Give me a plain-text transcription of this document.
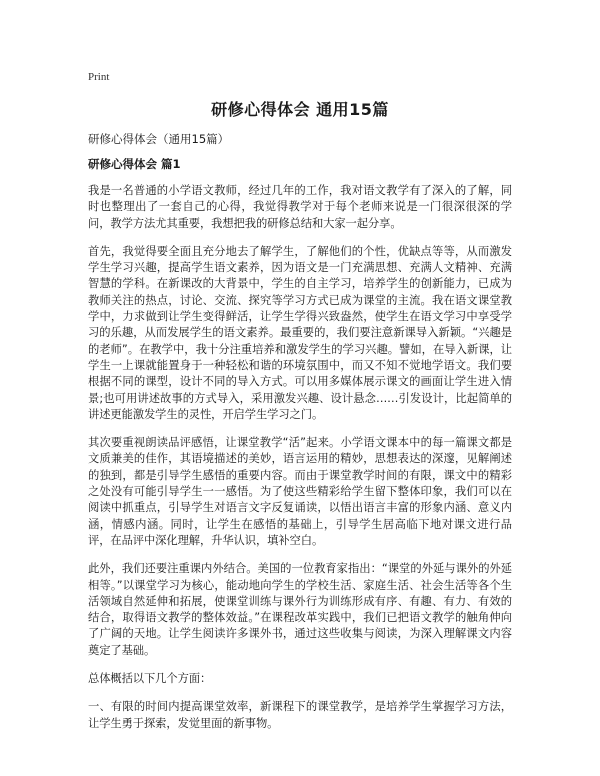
Print
研修心得体会 通用15篇

研修心得体会（通用15篇）

研修心得体会 篇1

我是一名普通的小学语文教师，经过几年的工作，我对语文教学有了深入的了解，同时也整理出了一套自己的心得，我觉得教学对于每个老师来说是一门很深很深的学问，教学方法尤其重要，我想把我的研修总结和大家一起分享。

首先，我觉得要全面且充分地去了解学生，了解他们的个性，优缺点等等，从而激发学生学习兴趣，提高学生语文素养，因为语文是一门充满思想、充满人文精神、充满智慧的学科。在新课改的大背景中，学生的自主学习，培养学生的创新能力，已成为教师关注的热点，讨论、交流、探究等学习方式已成为课堂的主流。我在语文课堂教学中，力求做到让学生变得鲜活，让学生学得兴致盎然，使学生在语文学习中享受学习的乐趣，从而发展学生的语文素养。最重要的，我们要注意新课导入新颖。“兴趣是的老师”。在教学中，我十分注重培养和激发学生的学习兴趣。譬如，在导入新课，让学生一上课就能置身于一种轻松和谐的环境氛围中，而又不知不觉地学语文。我们要根据不同的课型，设计不同的导入方式。可以用多媒体展示课文的画面让学生进入情景;也可用讲述故事的方式导入，采用激发兴趣、设计悬念……引发设计，比起简单的讲述更能激发学生的灵性，开启学生学习之门。

其次要重视朗读品评感悟，让课堂教学“活”起来。小学语文课本中的每一篇课文都是文质兼美的佳作，其语境描述的美妙，语言运用的精妙，思想表达的深邃，见解阐述的独到，都是引导学生感悟的重要内容。而由于课堂教学时间的有限，课文中的精彩之处没有可能引导学生一一感悟。为了使这些精彩给学生留下整体印象，我们可以在阅读中抓重点，引导学生对语言文字反复诵读，以悟出语言丰富的形象内涵、意义内涵，情感内涵。同时，让学生在感悟的基础上，引导学生居高临下地对课文进行品评，在品评中深化理解，升华认识，填补空白。

此外，我们还要注重课内外结合。美国的一位教育家指出：“课堂的外延与课外的外延相等。”以课堂学习为核心，能动地向学生的学校生活、家庭生活、社会生活等各个生活领域自然延伸和拓展，使课堂训练与课外行为训练形成有序、有趣、有力、有效的结合，取得语文教学的整体效益。”在课程改革实践中，我们已把语文教学的触角伸向了广阔的天地。让学生阅读许多课外书，通过这些收集与阅读，为深入理解课文内容奠定了基础。

总体概括以下几个方面：

一、有限的时间内提高课堂效率，新课程下的课堂教学，是培养学生掌握学习方法，让学生勇于探索，发觉里面的新事物。
